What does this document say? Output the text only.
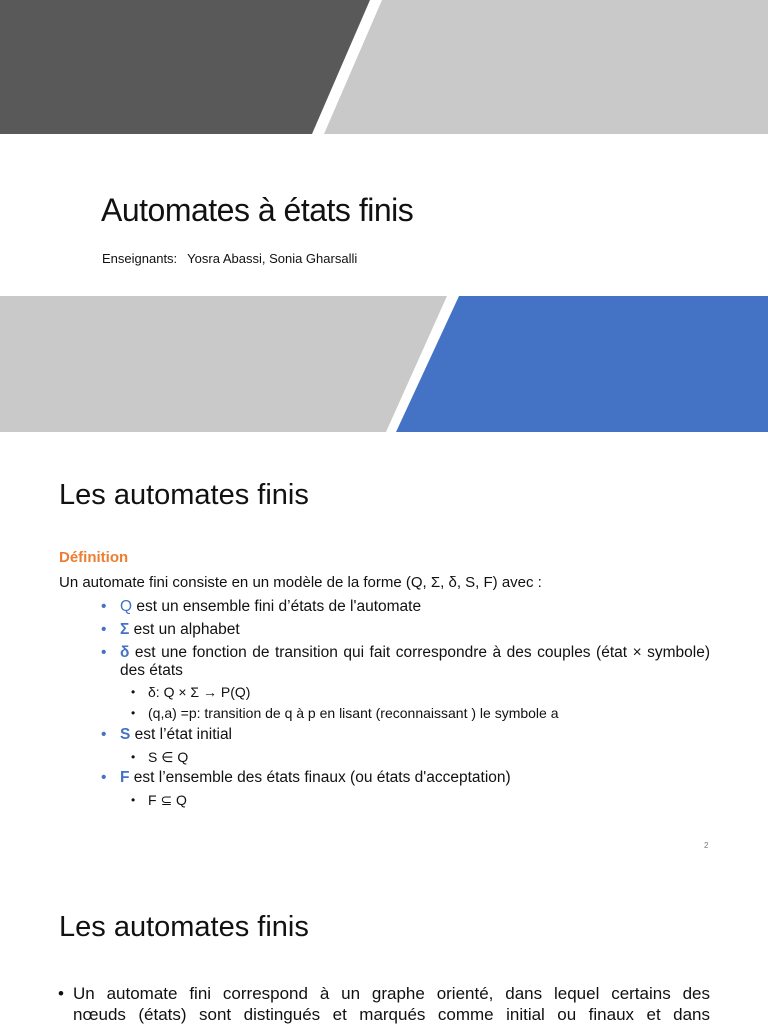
Automates à états finis
Enseignants: Yosra Abassi, Sonia Gharsalli
Les automates finis
Définition
Un automate fini consiste en un modèle de la forme (Q, Σ, δ, S, F) avec :
• Q est un ensemble fini d’états de l'automate
• Σ est un alphabet
• δ est une fonction de transition qui fait correspondre à des couples (état × symbole) des états
• δ: Q × Σ → P(Q)
• (q,a) =p: transition de q à p en lisant (reconnaissant ) le symbole a
• S est l’état initial
• S ∈ Q
• F est l’ensemble des états finaux (ou états d'acceptation)
• F ⊆ Q
2
Les automates finis
• Un automate fini correspond à un graphe orienté, dans lequel certains des
nœuds (états) sont distingués et marqués comme initial ou finaux et dans
